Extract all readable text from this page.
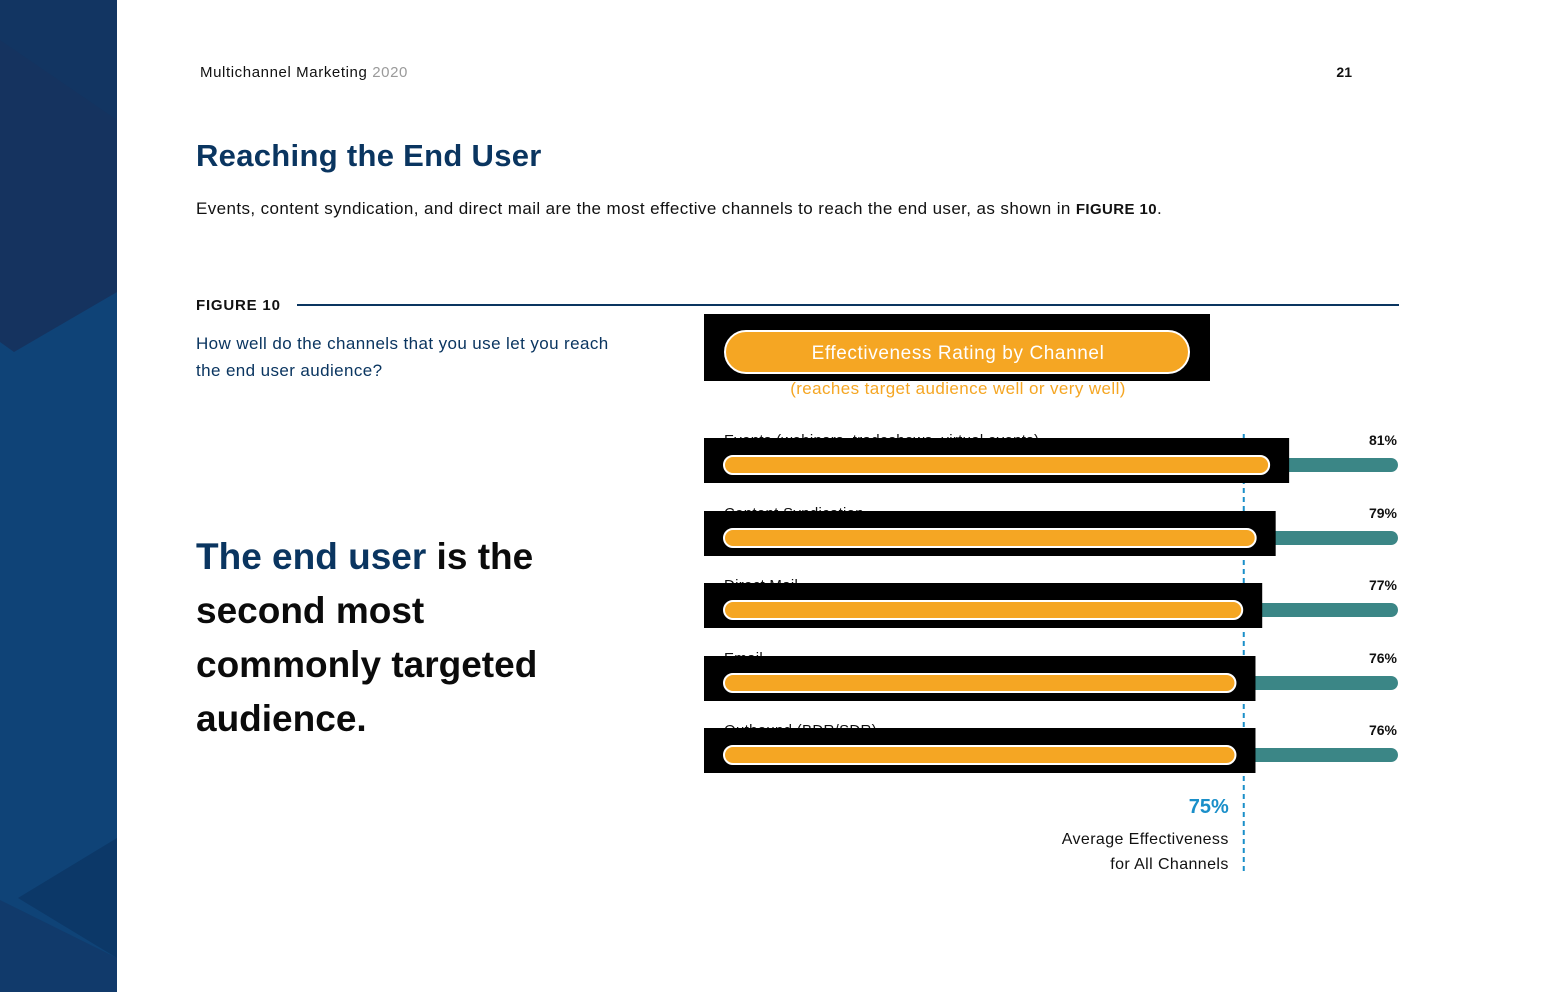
Multichannel Marketing 2020	21
Reaching the End User
Events, content syndication, and direct mail are the most effective channels to reach the end user, as shown in FIGURE 10.
FIGURE 10
How well do the channels that you use let you reach the end user audience?
The end user is the second most commonly targeted audience.
Effectiveness Rating by Channel
(reaches target audience well or very well)
81%
79%
77%
76%
76%
75%
Average Effectiveness
for All Channels
